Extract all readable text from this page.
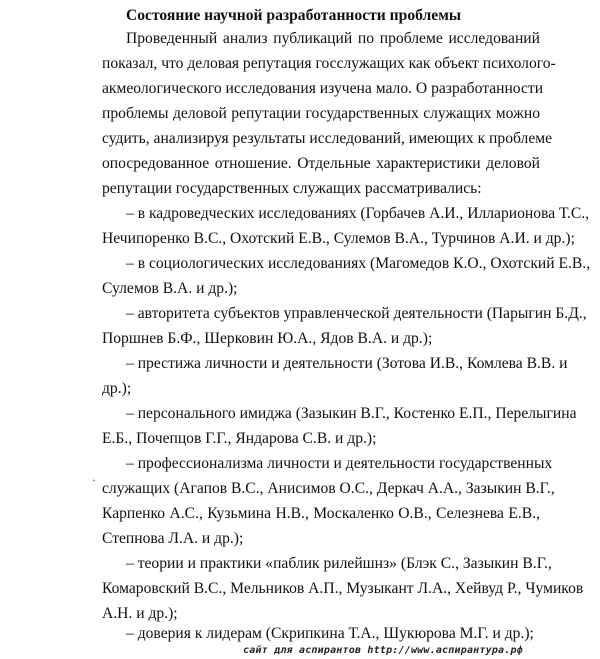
Состояние научной разработанности проблемы
Проведенный анализ публикаций по проблеме исследований
показал, что деловая репутация госслужащих как объект психолого-
акмеологического исследования изучена мало. О разработанности
проблемы деловой репутации государственных служащих можно
судить, анализируя результаты исследований, имеющих к проблеме
опосредованное отношение. Отдельные характеристики деловой
репутации государственных служащих рассматривались:
– в кадроведческих исследованиях (Горбачев А.И., Илларионова Т.С.,
Нечипоренко В.С., Охотский Е.В., Сулемов В.А., Турчинов А.И. и др.);
– в социологических исследованиях (Магомедов К.О., Охотский Е.В.,
Сулемов В.А. и др.);
– авторитета субъектов управленческой деятельности (Парыгин Б.Д.,
Поршнев Б.Ф., Шерковин Ю.А., Ядов В.А. и др.);
– престижа личности и деятельности (Зотова И.В., Комлева В.В. и
др.);
– персонального имиджа (Зазыкин В.Г., Костенко Е.П., Перелыгина
Е.Б., Почепцов Г.Г., Яндарова С.В. и др.);
– профессионализма личности и деятельности государственных
служащих (Агапов В.С., Анисимов О.С., Деркач А.А., Зазыкин В.Г.,
Карпенко А.С., Кузьмина Н.В., Москаленко О.В., Селезнева Е.В.,
Степнова Л.А. и др.);
– теории и практики «паблик рилейшнз» (Блэк С., Зазыкин В.Г.,
Комаровский В.С., Мельников А.П., Музыкант Л.А., Хейвуд Р., Чумиков
А.Н. и др.);
– доверия к лидерам (Скрипкина Т.А., Шукюрова М.Г. и др.);
`
сайт для аспирантов http://www.аспирантура.рф
